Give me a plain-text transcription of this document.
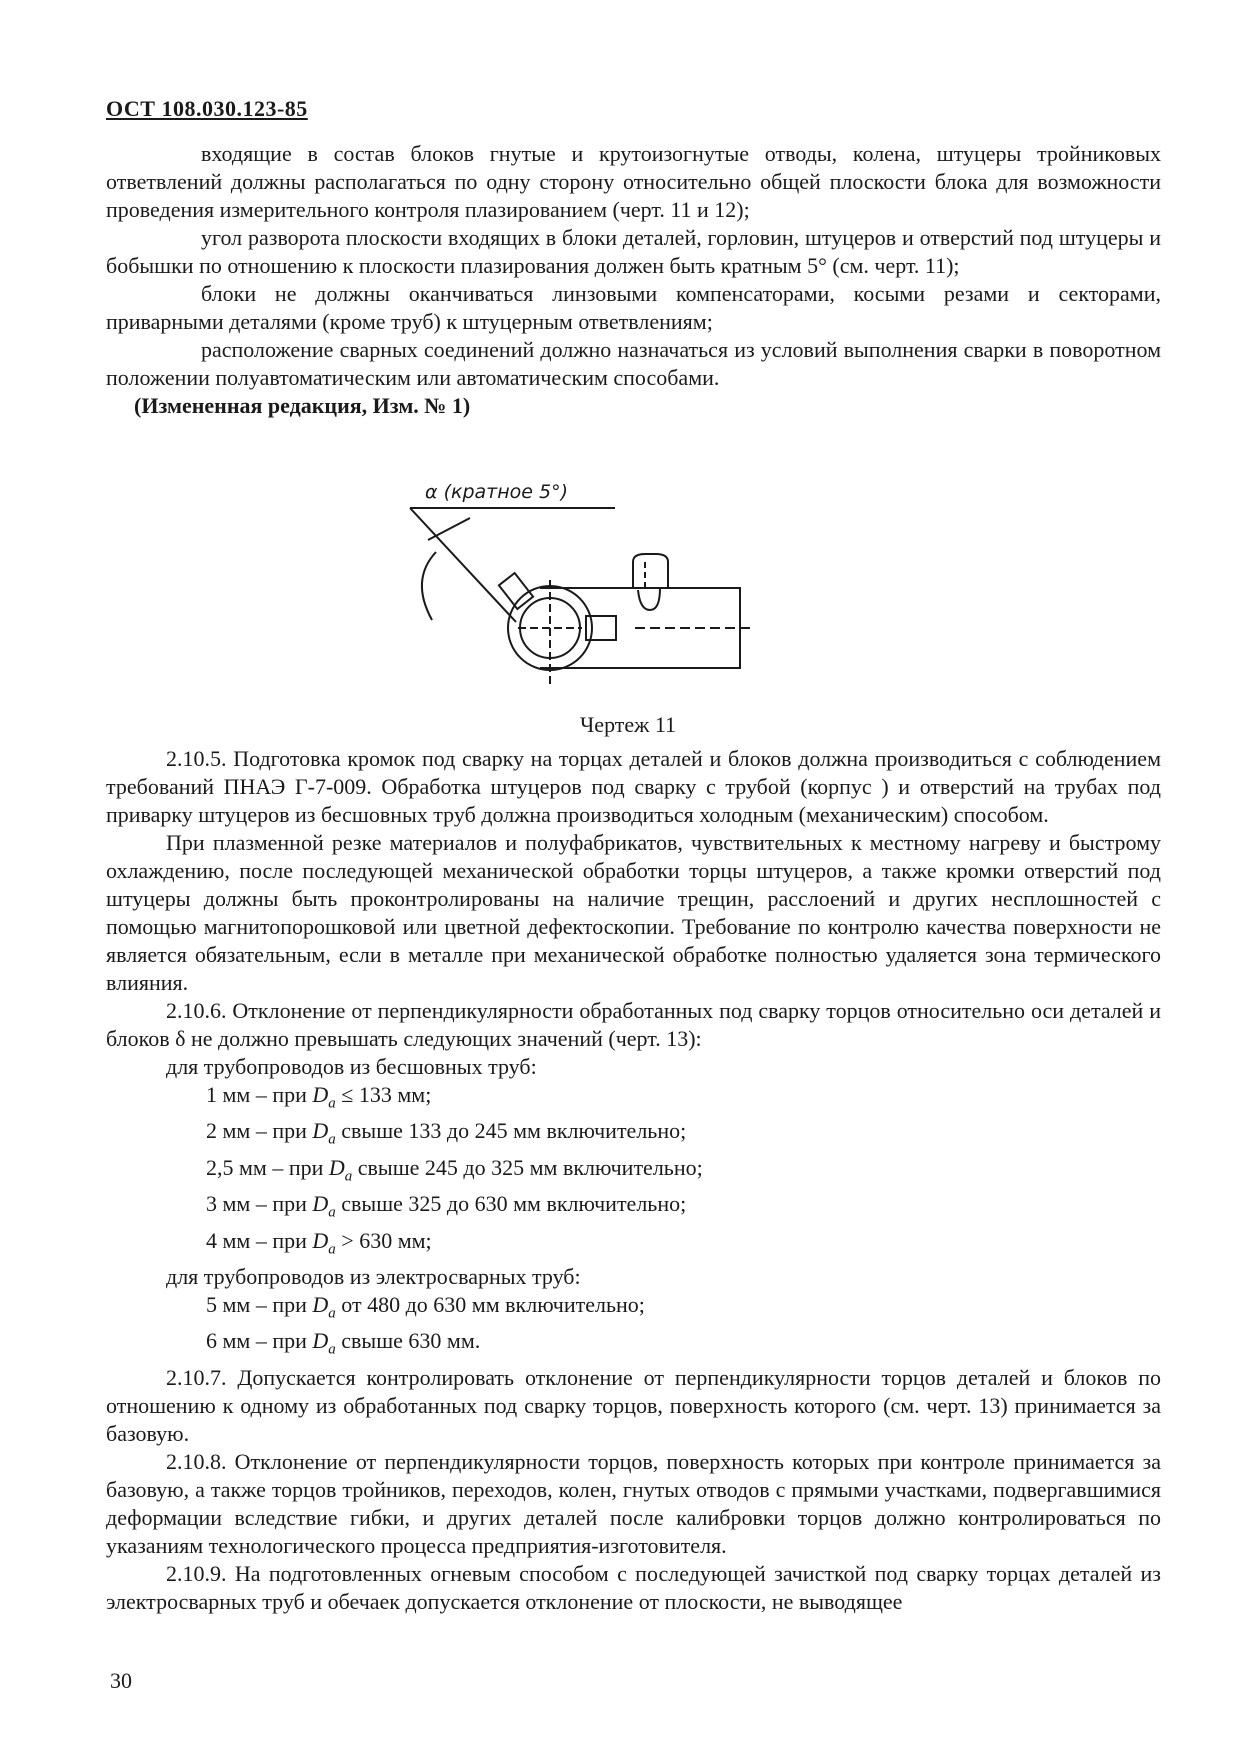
ОСТ 108.030.123-85

входящие в состав блоков гнутые и крутоизогнутые отводы, колена, штуцеры тройниковых ответвлений должны располагаться по одну сторону относительно общей плоскости блока для возможности проведения измерительного контроля плазированием (черт. 11 и 12);

угол разворота плоскости входящих в блоки деталей, горловин, штуцеров и отверстий под штуцеры и бобышки по отношению к плоскости плазирования должен быть кратным 5° (см. черт. 11);

блоки не должны оканчиваться линзовыми компенсаторами, косыми резами и секторами, приварными деталями (кроме труб) к штуцерным ответвлениям;

расположение сварных соединений должно назначаться из условий выполнения сварки в поворотном положении полуавтоматическим или автоматическим способами.

(Измененная редакция, Изм. № 1)

α (кратное 5°)
Чертеж 11

2.10.5. Подготовка кромок под сварку на торцах деталей и блоков должна производиться с соблюдением требований ПНАЭ Г-7-009. Обработка штуцеров под сварку с трубой (корпус ) и отверстий на трубах под приварку штуцеров из бесшовных труб должна производиться холодным (механическим) способом.

При плазменной резке материалов и полуфабрикатов, чувствительных к местному нагреву и быстрому охлаждению, после последующей механической обработки торцы штуцеров, а также кромки отверстий под штуцеры должны быть проконтролированы на наличие трещин, расслоений и других несплошностей с помощью магнитопорошковой или цветной дефектоскопии. Требование по контролю качества поверхности не является обязательным, если в металле при механической обработке полностью удаляется зона термического влияния.

2.10.6. Отклонение от перпендикулярности обработанных под сварку торцов относительно оси деталей и блоков δ не должно превышать следующих значений (черт. 13):

для трубопроводов из бесшовных труб:

1 мм – при $D_a \le 133$ мм;

2 мм – при $D_a$ свыше 133 до 245 мм включительно;

2,5 мм – при $D_a$ свыше 245 до 325 мм включительно;

3 мм – при $D_a$ свыше 325 до 630 мм включительно;

4 мм – при $D_a > 630$ мм;

для трубопроводов из электросварных труб:

5 мм – при $D_a$ от 480 до 630 мм включительно;

6 мм – при $D_a$ свыше 630 мм.

2.10.7. Допускается контролировать отклонение от перпендикулярности торцов деталей и блоков по отношению к одному из обработанных под сварку торцов, поверхность которого (см. черт. 13) принимается за базовую.

2.10.8. Отклонение от перпендикулярности торцов, поверхность которых при контроле принимается за базовую, а также торцов тройников, переходов, колен, гнутых отводов с прямыми участками, подвергавшимися деформации вследствие гибки, и других деталей после калибровки торцов должно контролироваться по указаниям технологического процесса предприятия-изготовителя.

2.10.9. На подготовленных огневым способом с последующей зачисткой под сварку торцах деталей из электросварных труб и обечаек допускается отклонение от плоскости, не выводящее

30
